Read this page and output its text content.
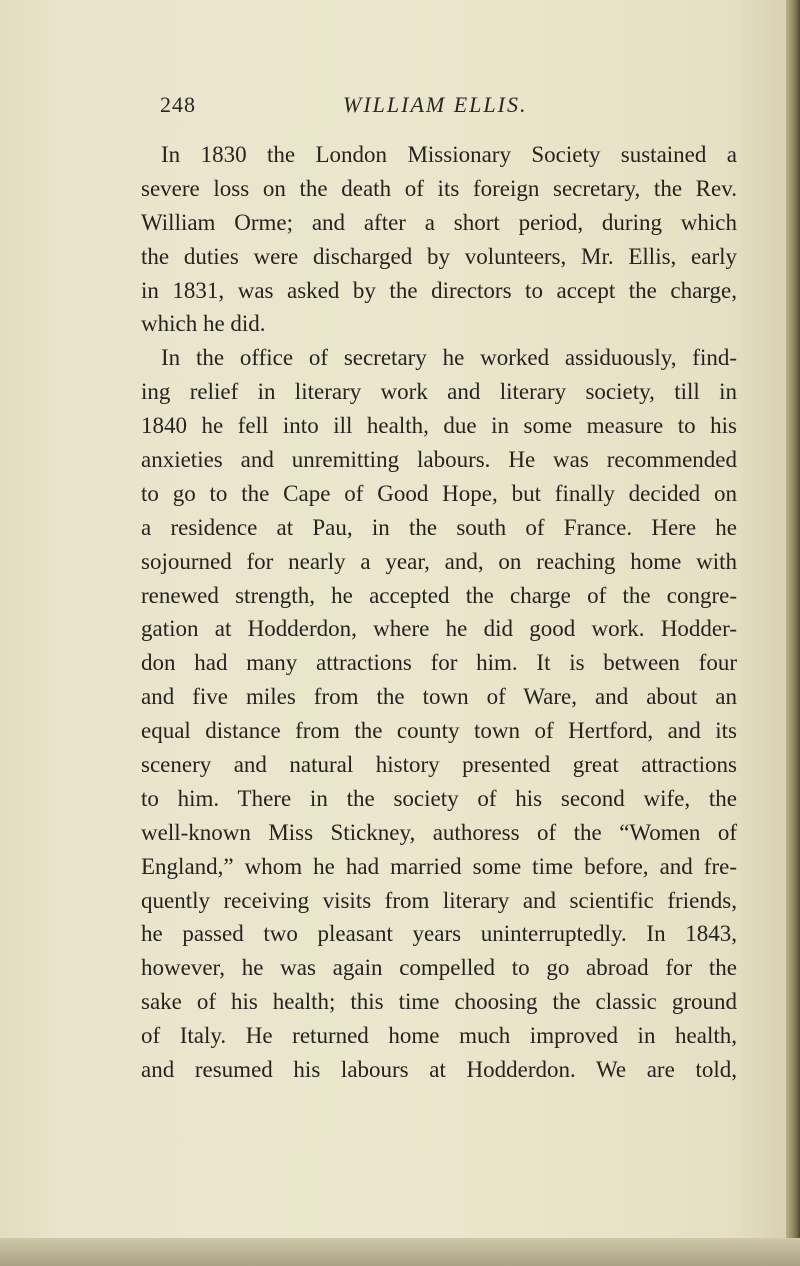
248	WILLIAM ELLIS.
In 1830 the London Missionary Society sustained a
severe loss on the death of its foreign secretary, the Rev.
William Orme; and after a short period, during which
the duties were discharged by volunteers, Mr. Ellis, early
in 1831, was asked by the directors to accept the charge,
which he did.
In the office of secretary he worked assiduously, find-
ing relief in literary work and literary society, till in
1840 he fell into ill health, due in some measure to his
anxieties and unremitting labours. He was recommended
to go to the Cape of Good Hope, but finally decided on
a residence at Pau, in the south of France. Here he
sojourned for nearly a year, and, on reaching home with
renewed strength, he accepted the charge of the congre-
gation at Hodderdon, where he did good work. Hodder-
don had many attractions for him. It is between four
and five miles from the town of Ware, and about an
equal distance from the county town of Hertford, and its
scenery and natural history presented great attractions
to him. There in the society of his second wife, the
well-known Miss Stickney, authoress of the “Women of
England,” whom he had married some time before, and fre-
quently receiving visits from literary and scientific friends,
he passed two pleasant years uninterruptedly. In 1843,
however, he was again compelled to go abroad for the
sake of his health; this time choosing the classic ground
of Italy. He returned home much improved in health,
and resumed his labours at Hodderdon. We are told,
